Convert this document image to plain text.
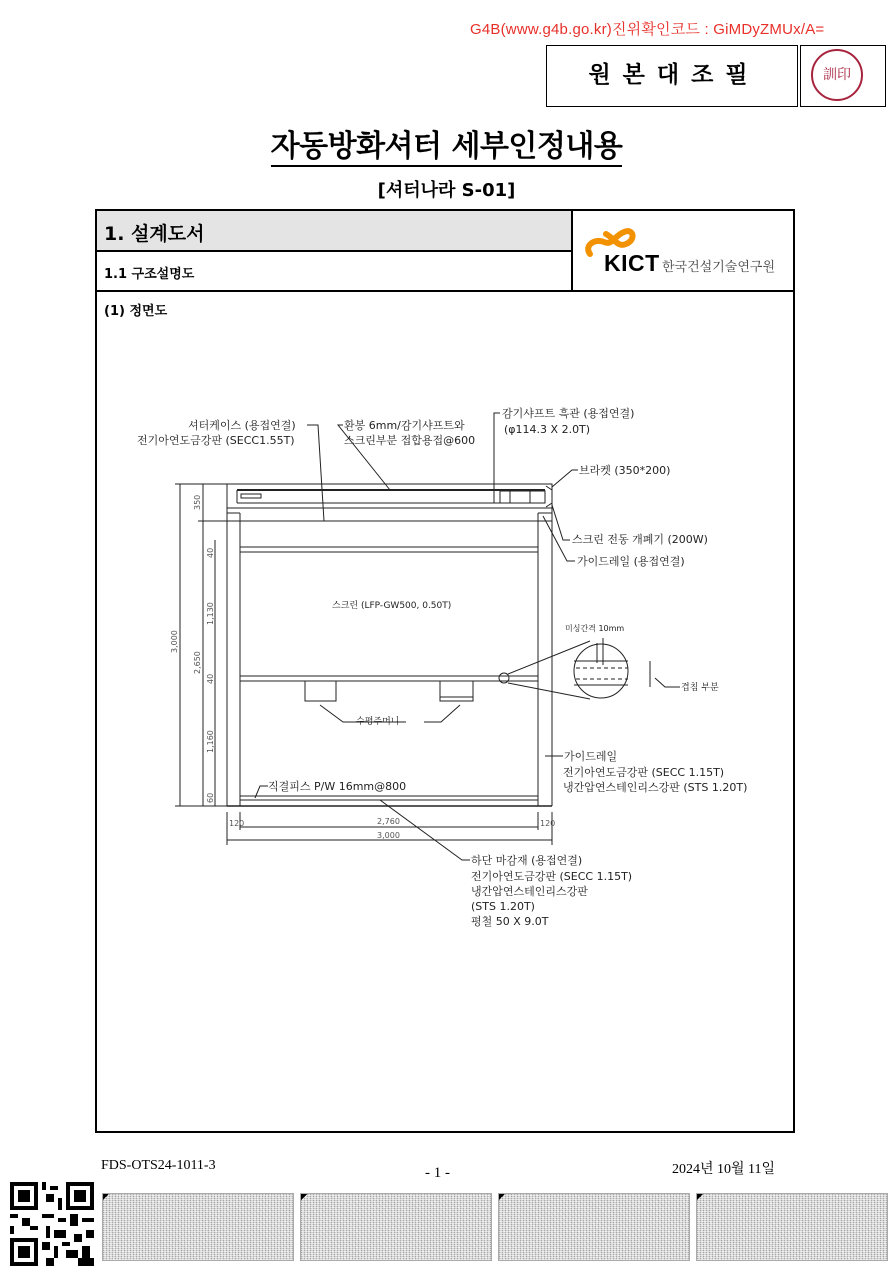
G4B(www.g4b.go.kr)진위확인코드 : GiMDyZMUx/A=
원본대조필	訓印
자동방화셔터 세부인정내용
[셔터나라 S-01]
1. 설계도서
1.1 구조설명도
(1) 정면도
KICT 한국건설기술연구원
3,000
350
2,650
40
1,130
40
1,160
60
120	2,760	120
3,000
셔터케이스 (용접연결)
전기아연도금강판 (SECC1.55T)
환봉 6mm/감기샤프트와
스크린부분 접합용접@600
감기샤프트 흑관 (용접연결)
(φ114.3 X 2.0T)
브라켓 (350*200)
스크린 전동 개폐기 (200W)
가이드레일 (용접연결)
스크린 (LFP-GW500, 0.50T)
미싱간격 10mm
겹침 부분
수평주머니
가이드레일
전기아연도금강판 (SECC 1.15T)
냉간압연스테인리스강판 (STS 1.20T)
직결피스 P/W 16mm@800
하단 마감재 (용접연결)
전기아연도금강판 (SECC 1.15T)
냉간압연스테인리스강판
(STS 1.20T)
평철 50 X 9.0T
FDS-OTS24-1011-3	- 1 -	2024년 10월 11일
